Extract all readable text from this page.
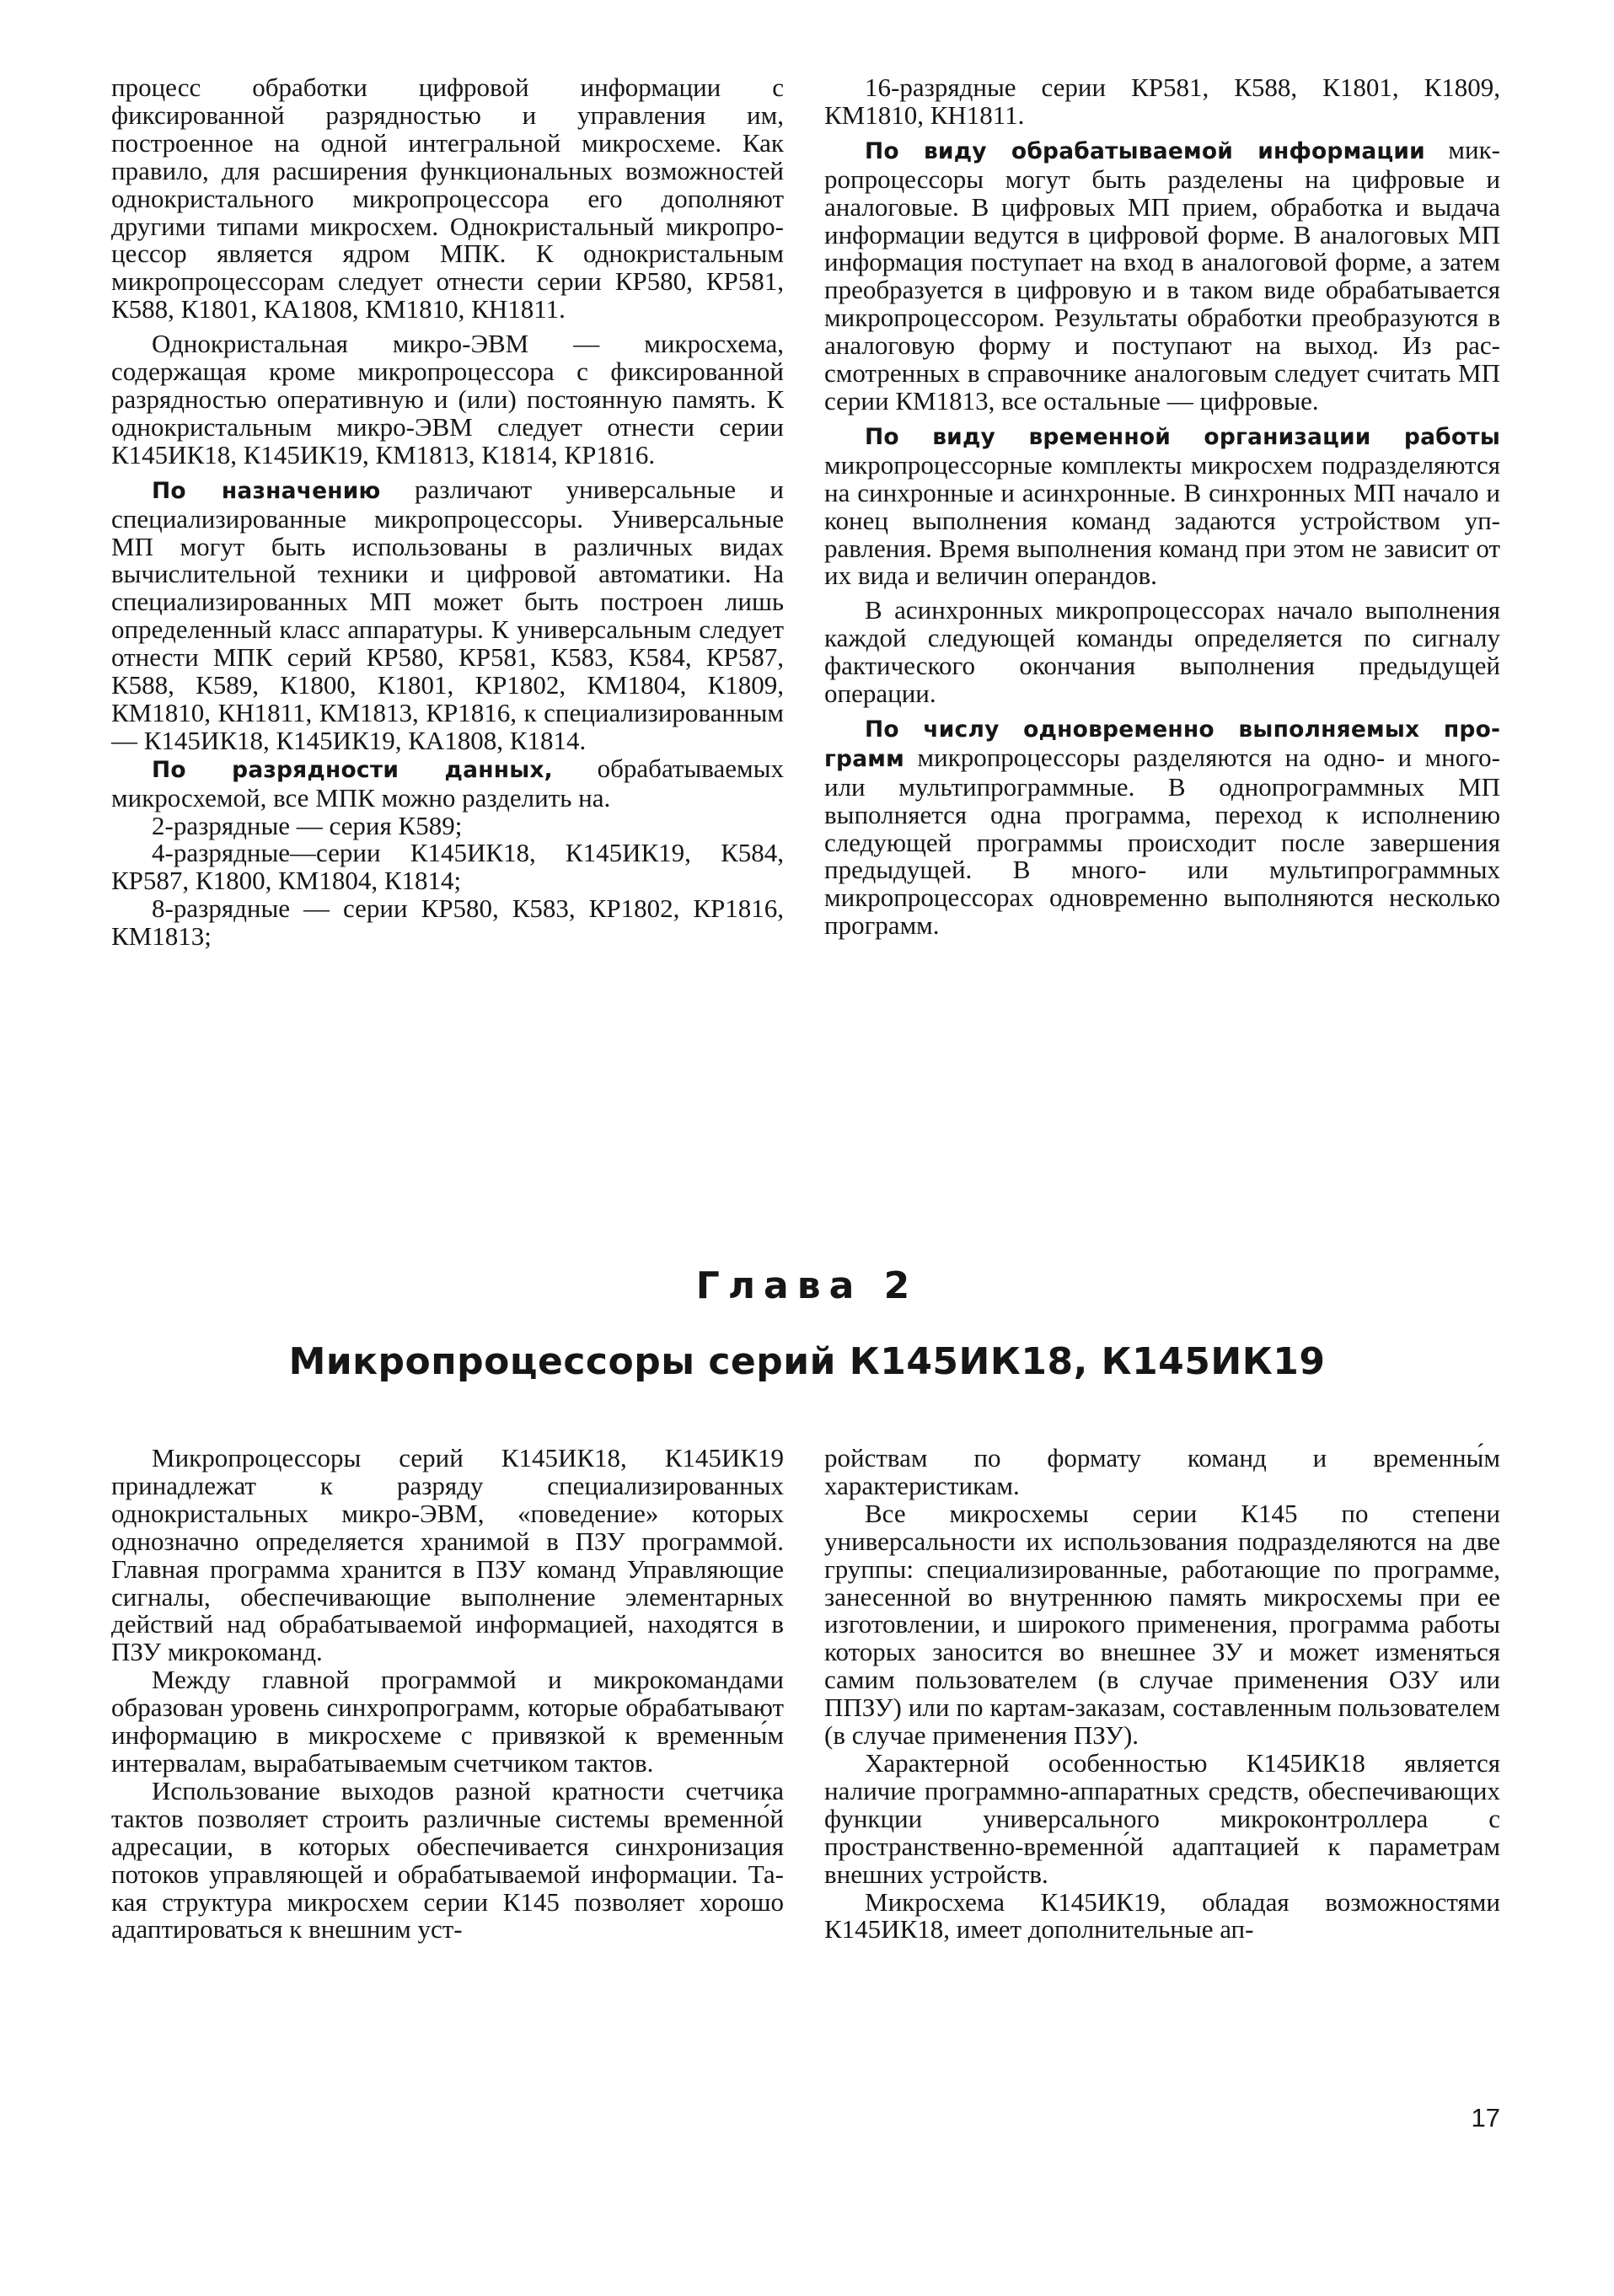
процесс обработки цифровой информации с фиксированной разрядностью и управления им, построенное на одной интегральной микросхеме. Как правило, для расширения функциональных возможностей однокристального микропроцессора его дополняют другими типами микросхем. Однокристальный микропроцессор является ядром МПК. К однокристальным микропроцессорам следует отнести серии КР580, КР581, К588, К1801, КА1808, КМ1810, КН1811.

Однокристальная микро-ЭВМ — микросхема, содержащая кроме микропроцессора с фиксированной разрядностью оперативную и (или) постоянную память. К однокристальным микро-ЭВМ следует отнести серии К145ИК18, К145ИК19, КМ1813, К1814, КР1816.

По назначению различают универсальные и специализированные микропроцессоры. Универсальные МП могут быть использованы в различных видах вычислительной техники и цифровой автоматики. На специализированных МП может быть построен лишь определенный класс аппаратуры. К универсальным следует отнести МПК серий КР580, КР581, К583, К584, КР587, К588, К589, К1800, К1801, КР1802, КМ1804, К1809, КМ1810, КН1811, КМ1813, КР1816, к специализированным — К145ИК18, К145ИК19, КА1808, К1814.

По разрядности данных, обрабатываемых микросхемой, все МПК можно разделить на.

2-разрядные — серия К589;

4-разрядные—серии К145ИК18, К145ИК19, К584, КР587, К1800, КМ1804, К1814;

8-разрядные — серии КР580, К583, КР1802, КР1816, КМ1813;

16-разрядные серии КР581, К588, К1801, К1809, КМ1810, КН1811.

По виду обрабатываемой информации микропроцессоры могут быть разделены на цифровые и аналоговые. В цифровых МП прием, обработка и выдача информации ведутся в цифровой форме. В аналоговых МП информация поступает на вход в аналоговой форме, а затем преобразуется в цифровую и в таком виде обрабатывается микропроцессором. Результаты обработки преобразуются в аналоговую форму и поступают на выход. Из рассмотренных в справочнике аналоговым следует считать МП серии КМ1813, все остальные — цифровые.

По виду временной организации работы микропроцессорные комплекты микросхем подразделяются на синхронные и асинхронные. В синхронных МП начало и конец выполнения команд задаются устройством управления. Время выполнения команд при этом не зависит от их вида и величин операндов.

В асинхронных микропроцессорах начало выполнения каждой следующей команды определяется по сигналу фактического окончания выполнения предыдущей операции.

По числу одновременно выполняемых программ микропроцессоры разделяются на одно- и много- или мультипрограммные. В однопрограммных МП выполняется одна программа, переход к исполнению следующей программы происходит после завершения предыдущей. В много- или мультипрограммных микропроцессорах одновременно выполняются несколько программ.

Глава 2
Микропроцессоры серий К145ИК18, К145ИК19

Микропроцессоры серий К145ИК18, К145ИК19 принадлежат к разряду специализированных однокристальных микро-ЭВМ, «поведение» которых однозначно определяется хранимой в ПЗУ программой. Главная программа хранится в ПЗУ команд Управляющие сигналы, обеспечивающие выполнение элементарных действий над обрабатываемой информацией, находятся в ПЗУ микрокоманд.

Между главной программой и микрокомандами образован уровень синхропрограмм, которые обрабатывают информацию в микросхеме с привязкой к временны́м интервалам, вырабатываемым счетчиком тактов.

Использование выходов разной кратности счетчика тактов позволяет строить различные системы временно́й адресации, в которых обеспечивается синхронизация потоков управляющей и обрабатываемой информации. Такая структура микросхем серии К145 позволяет хорошо адаптироваться к внешним уст-

ройствам по формату команд и временны́м характеристикам.

Все микросхемы серии К145 по степени универсальности их использования подразделяются на две группы: специализированные, работающие по программе, занесенной во внутреннюю память микросхемы при ее изготовлении, и широкого применения, программа работы которых заносится во внешнее ЗУ и может изменяться самим пользователем (в случае применения ОЗУ или ППЗУ) или по картам-заказам, составленным пользователем (в случае применения ПЗУ).

Характерной особенностью К145ИК18 является наличие программно-аппаратных средств, обеспечивающих функции универсального микроконтроллера с пространственно-временно́й адаптацией к параметрам внешних устройств.

Микросхема К145ИК19, обладая возможностями К145ИК18, имеет дополнительные ап-

17
